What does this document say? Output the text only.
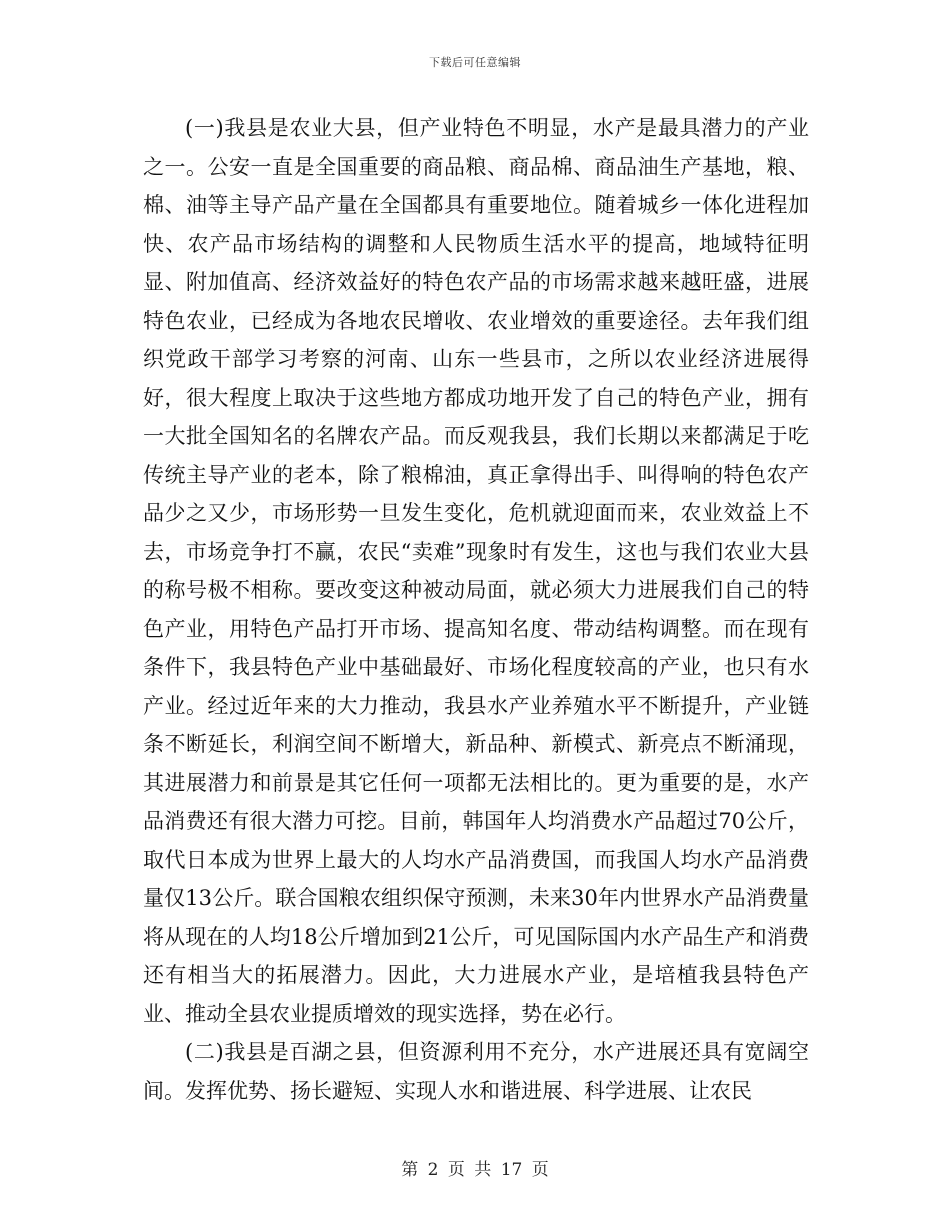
下载后可任意编辑

(一)我县是农业大县，但产业特色不明显，水产是最具潜力的产业之一。公安一直是全国重要的商品粮、商品棉、商品油生产基地，粮、棉、油等主导产品产量在全国都具有重要地位。随着城乡一体化进程加快、农产品市场结构的调整和人民物质生活水平的提高，地域特征明显、附加值高、经济效益好的特色农产品的市场需求越来越旺盛，进展特色农业，已经成为各地农民增收、农业增效的重要途径。去年我们组织党政干部学习考察的河南、山东一些县市，之所以农业经济进展得好，很大程度上取决于这些地方都成功地开发了自己的特色产业，拥有一大批全国知名的名牌农产品。而反观我县，我们长期以来都满足于吃传统主导产业的老本，除了粮棉油，真正拿得出手、叫得响的特色农产品少之又少，市场形势一旦发生变化，危机就迎面而来，农业效益上不去，市场竞争打不赢，农民“卖难”现象时有发生，这也与我们农业大县的称号极不相称。要改变这种被动局面，就必须大力进展我们自己的特色产业，用特色产品打开市场、提高知名度、带动结构调整。而在现有条件下，我县特色产业中基础最好、市场化程度较高的产业，也只有水产业。经过近年来的大力推动，我县水产业养殖水平不断提升，产业链条不断延长，利润空间不断增大，新品种、新模式、新亮点不断涌现，其进展潜力和前景是其它任何一项都无法相比的。更为重要的是，水产品消费还有很大潜力可挖。目前，韩国年人均消费水产品超过70公斤，取代日本成为世界上最大的人均水产品消费国，而我国人均水产品消费量仅13公斤。联合国粮农组织保守预测，未来30年内世界水产品消费量将从现在的人均18公斤增加到21公斤，可见国际国内水产品生产和消费还有相当大的拓展潜力。因此，大力进展水产业，是培植我县特色产业、推动全县农业提质增效的现实选择，势在必行。

(二)我县是百湖之县，但资源利用不充分，水产进展还具有宽阔空间。发挥优势、扬长避短、实现人水和谐进展、科学进展、让农民

第 2 页 共 17 页
